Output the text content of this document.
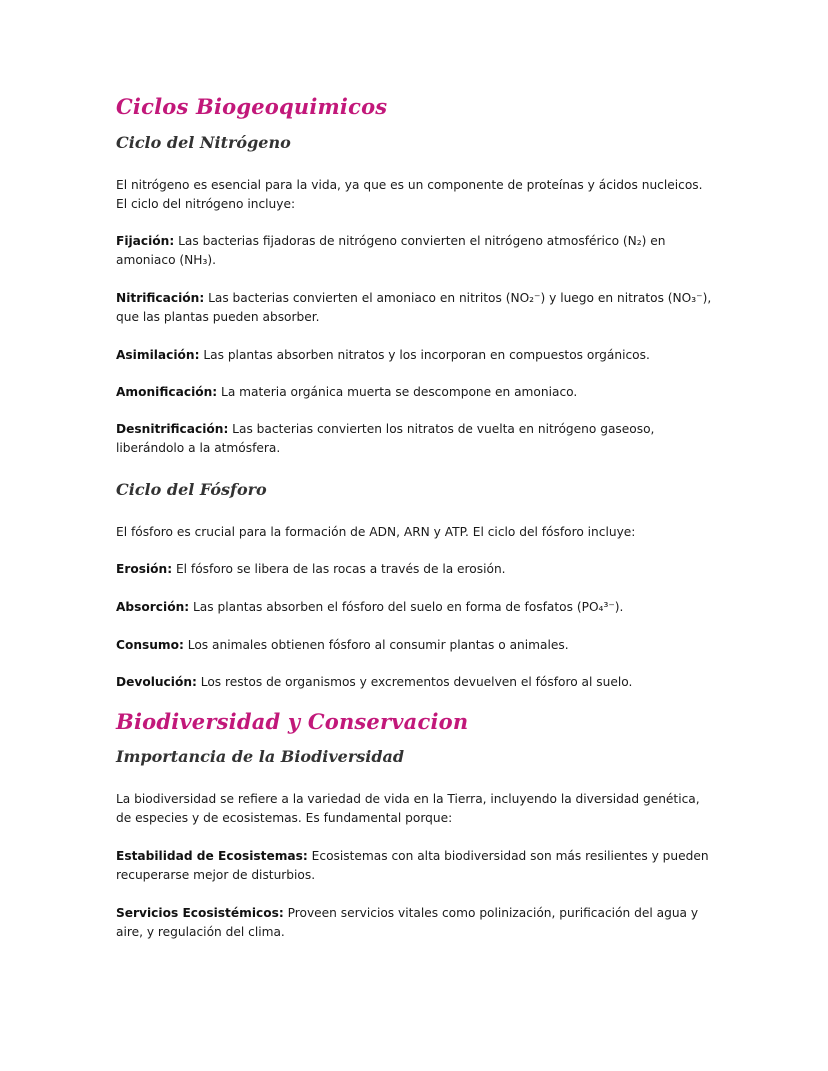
Ciclos Biogeoquimicos
Ciclo del Nitrógeno

El nitrógeno es esencial para la vida, ya que es un componente de proteínas y ácidos nucleicos. El ciclo del nitrógeno incluye:

Fijación: Las bacterias fijadoras de nitrógeno convierten el nitrógeno atmosférico (N₂) en amoniaco (NH₃).

Nitrificación: Las bacterias convierten el amoniaco en nitritos (NO₂⁻) y luego en nitratos (NO₃⁻), que las plantas pueden absorber.

Asimilación: Las plantas absorben nitratos y los incorporan en compuestos orgánicos.

Amonificación: La materia orgánica muerta se descompone en amoniaco.

Desnitrificación: Las bacterias convierten los nitratos de vuelta en nitrógeno gaseoso, liberándolo a la atmósfera.

Ciclo del Fósforo

El fósforo es crucial para la formación de ADN, ARN y ATP. El ciclo del fósforo incluye:

Erosión: El fósforo se libera de las rocas a través de la erosión.

Absorción: Las plantas absorben el fósforo del suelo en forma de fosfatos (PO₄³⁻).

Consumo: Los animales obtienen fósforo al consumir plantas o animales.

Devolución: Los restos de organismos y excrementos devuelven el fósforo al suelo.

Biodiversidad y Conservacion
Importancia de la Biodiversidad

La biodiversidad se refiere a la variedad de vida en la Tierra, incluyendo la diversidad genética, de especies y de ecosistemas. Es fundamental porque:

Estabilidad de Ecosistemas: Ecosistemas con alta biodiversidad son más resilientes y pueden recuperarse mejor de disturbios.

Servicios Ecosistémicos: Proveen servicios vitales como polinización, purificación del agua y aire, y regulación del clima.
